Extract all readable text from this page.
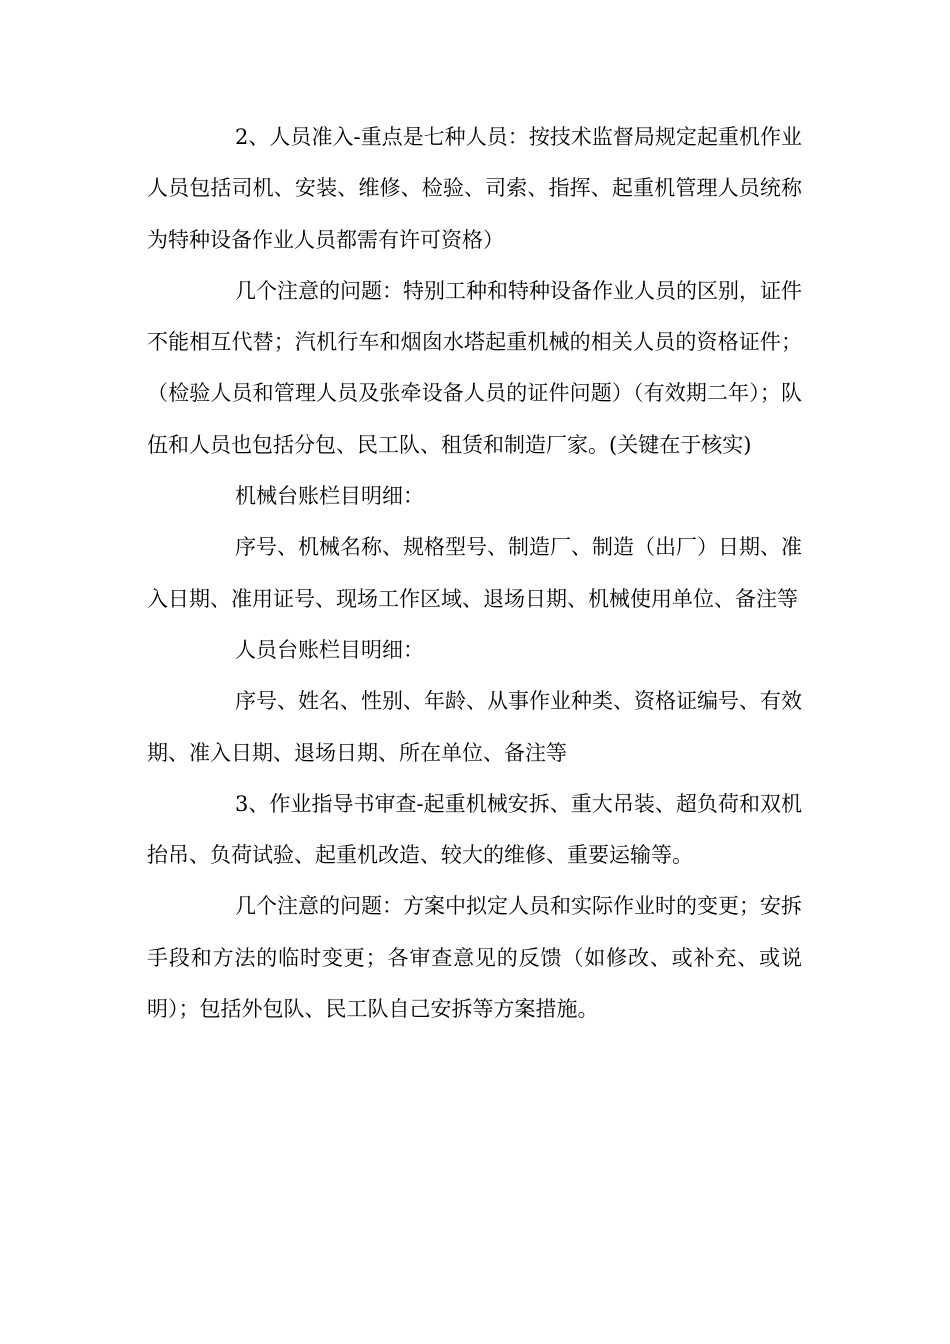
2、人员准入-重点是七种人员：按技术监督局规定起重机作业人员包括司机、安装、维修、检验、司索、指挥、起重机管理人员统称为特种设备作业人员都需有许可资格）

几个注意的问题：特别工种和特种设备作业人员的区别，证件不能相互代替；汽机行车和烟囱水塔起重机械的相关人员的资格证件；（检验人员和管理人员及张牵设备人员的证件问题）（有效期二年）；队伍和人员也包括分包、民工队、租赁和制造厂家。(关键在于核实)

机械台账栏目明细：

序号、机械名称、规格型号、制造厂、制造（出厂）日期、准入日期、准用证号、现场工作区域、退场日期、机械使用单位、备注等

人员台账栏目明细：

序号、姓名、性别、年龄、从事作业种类、资格证编号、有效期、准入日期、退场日期、所在单位、备注等

3、作业指导书审查-起重机械安拆、重大吊装、超负荷和双机抬吊、负荷试验、起重机改造、较大的维修、重要运输等。

几个注意的问题：方案中拟定人员和实际作业时的变更；安拆手段和方法的临时变更；各审查意见的反馈（如修改、或补充、或说明）；包括外包队、民工队自己安拆等方案措施。
